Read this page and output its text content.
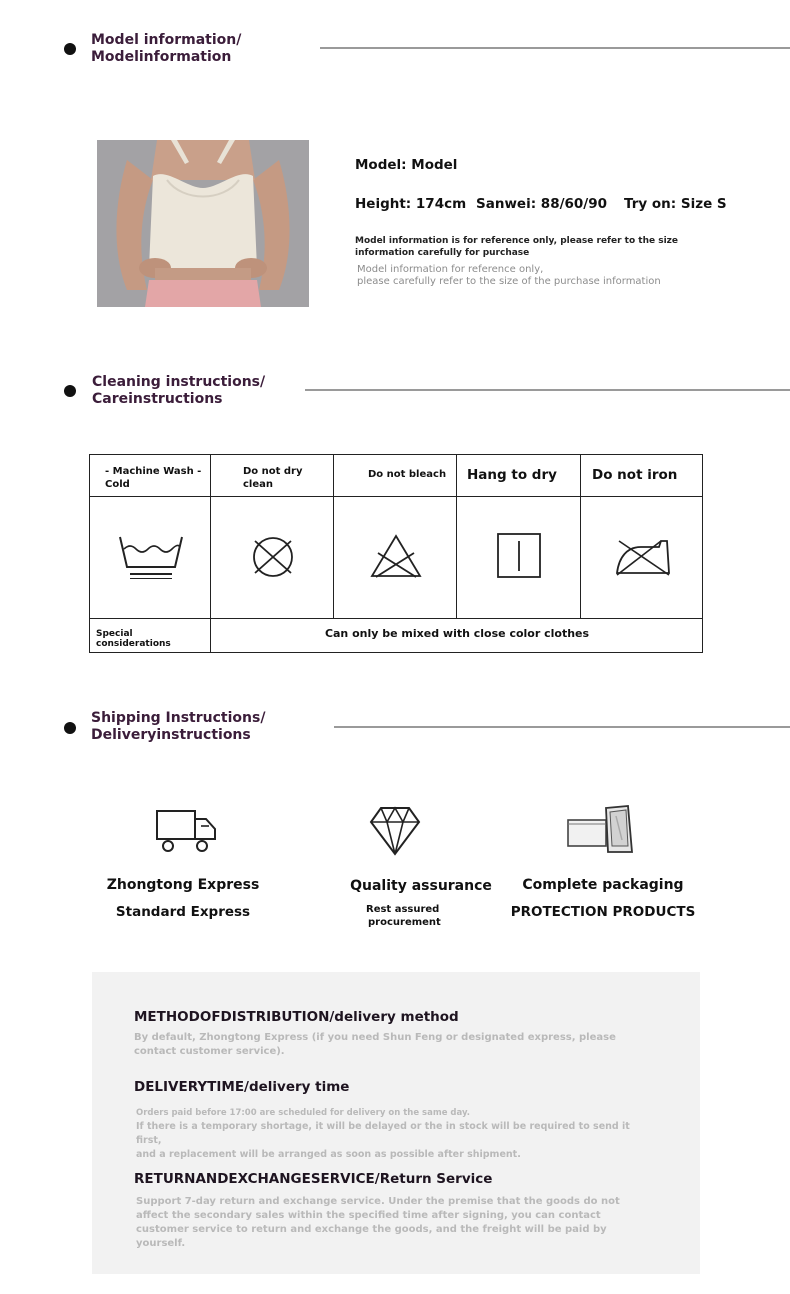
Model information/
Modelinformation
Model: Model
Height: 174cm Sanwei: 88/60/90 Try on: Size S
Model information is for reference only, please refer to the size
information carefully for purchase
Model information for reference only,
please carefully refer to the size of the purchase information
Cleaning instructions/
Careinstructions
- Machine Wash -
Cold
Do not dry
clean
Do not bleach Hang to dry	Do not iron
Special considerations
Can only be mixed with close color clothes
Shipping Instructions/
Deliveryinstructions
Zhongtong Express
Standard Express
Quality assurance
Rest assured
procurement
Complete packaging
PROTECTION PRODUCTS
METHODOFDISTRIBUTION/delivery method
By default, Zhongtong Express (if you need Shun Feng or designated express, please
contact customer service).
DELIVERYTIME/delivery time
Orders paid before 17:00 are scheduled for delivery on the same day.
If there is a temporary shortage, it will be delayed or the in stock will be required to send it first,
and a replacement will be arranged as soon as possible after shipment.
RETURNANDEXCHANGESERVICE/Return Service
Support 7-day return and exchange service. Under the premise that the goods do not
affect the secondary sales within the specified time after signing, you can contact
customer service to return and exchange the goods, and the freight will be paid by
yourself.
